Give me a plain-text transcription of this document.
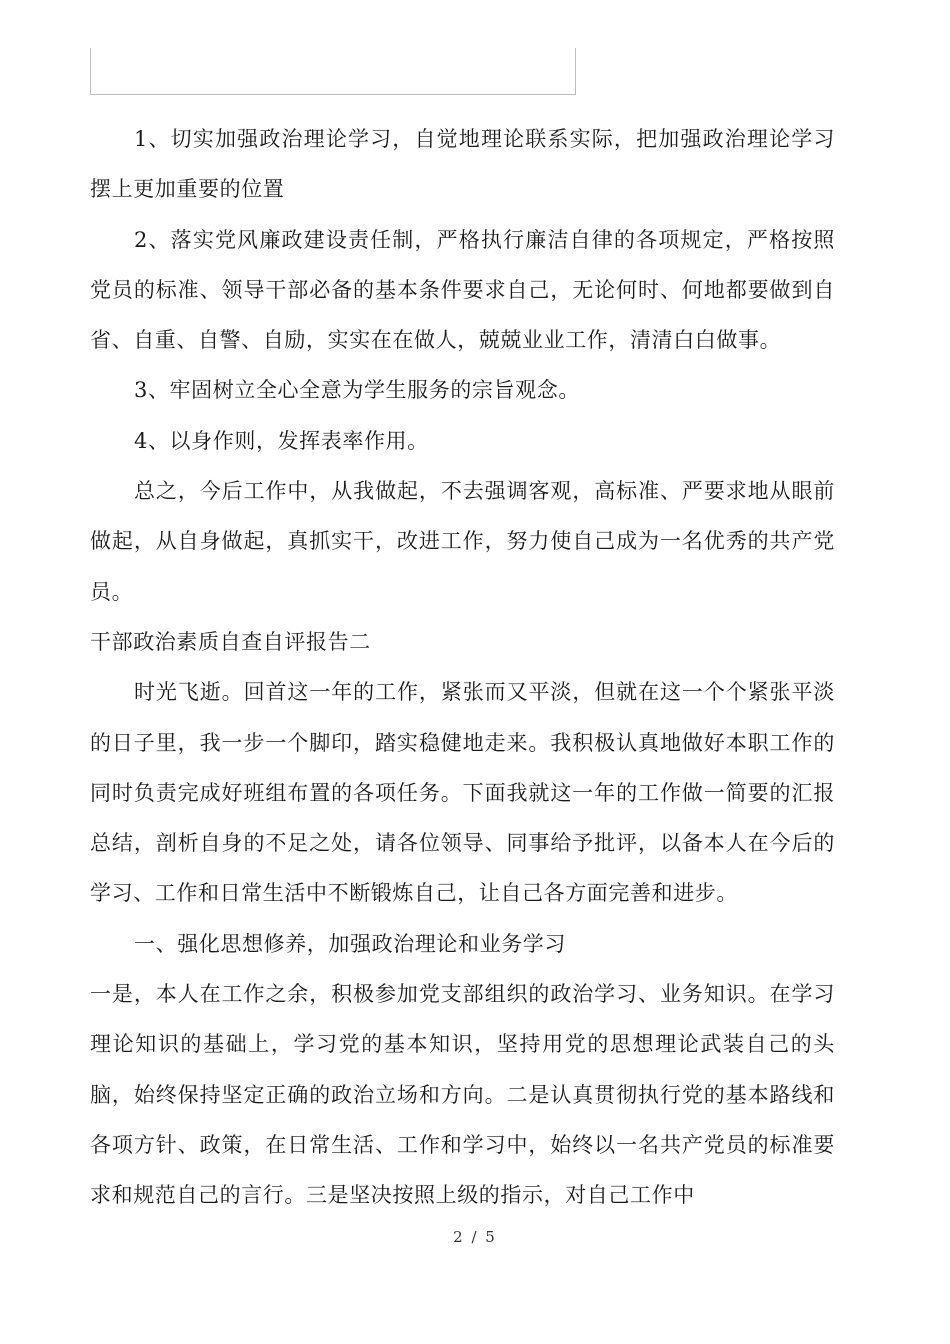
1、切实加强政治理论学习，自觉地理论联系实际，把加强政治理论学习摆上更加重要的位置

2、落实党风廉政建设责任制，严格执行廉洁自律的各项规定，严格按照党员的标准、领导干部必备的基本条件要求自己，无论何时、何地都要做到自省、自重、自警、自励，实实在在做人，兢兢业业工作，清清白白做事。

3、牢固树立全心全意为学生服务的宗旨观念。

4、以身作则，发挥表率作用。

总之，今后工作中，从我做起，不去强调客观，高标准、严要求地从眼前做起，从自身做起，真抓实干，改进工作，努力使自己成为一名优秀的共产党员。

干部政治素质自查自评报告二

时光飞逝。回首这一年的工作，紧张而又平淡，但就在这一个个紧张平淡的日子里，我一步一个脚印，踏实稳健地走来。我积极认真地做好本职工作的同时负责完成好班组布置的各项任务。下面我就这一年的工作做一简要的汇报总结，剖析自身的不足之处，请各位领导、同事给予批评，以备本人在今后的学习、工作和日常生活中不断锻炼自己，让自己各方面完善和进步。

一、强化思想修养，加强政治理论和业务学习

一是，本人在工作之余，积极参加党支部组织的政治学习、业务知识。在学习理论知识的基础上，学习党的基本知识，坚持用党的思想理论武装自己的头脑，始终保持坚定正确的政治立场和方向。二是认真贯彻执行党的基本路线和各项方针、政策，在日常生活、工作和学习中，始终以一名共产党员的标准要求和规范自己的言行。三是坚决按照上级的指示，对自己工作中

2 / 5
